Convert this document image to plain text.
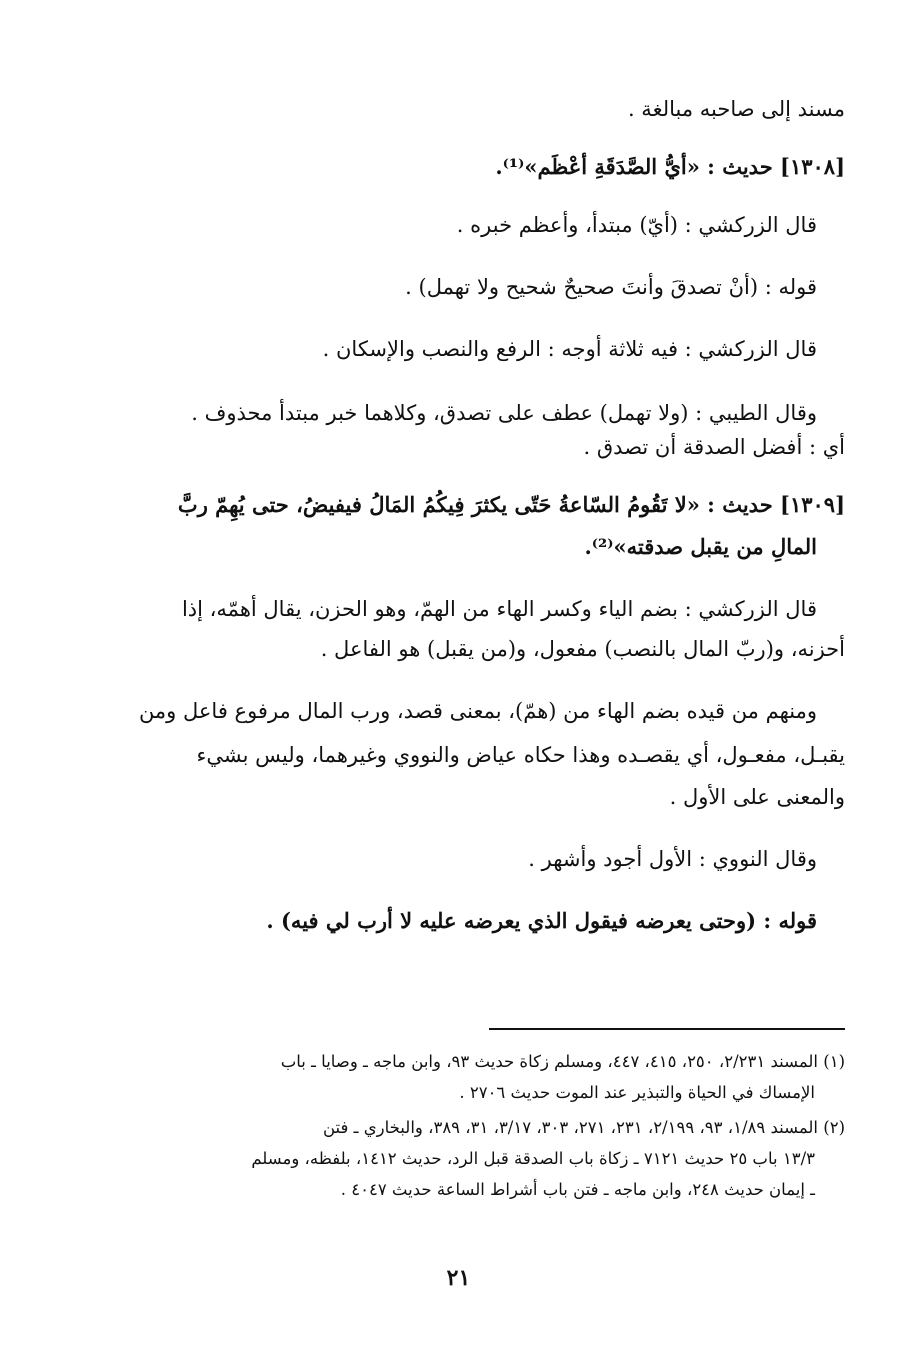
مسند إلى صاحبه مبالغة .

[١٣٠٨] حديث : «أيُّ الصَّدَقَةِ أعْظَم»⁽¹⁾.

قال الزركشي : (أيّ) مبتدأ، وأعظم خبره .

قوله : (أنْ تصدقَ وأنتَ صحيحٌ شحيح ولا تهمل) .

قال الزركشي : فيه ثلاثة أوجه : الرفع والنصب والإسكان .

وقال الطيبي : (ولا تهمل) عطف على تصدق، وكلاهما خبر مبتدأ محذوف .

أي : أفضل الصدقة أن تصدق .

[١٣٠٩] حديث : «لا تَقُومُ السّاعةُ حَتّى يكثرَ فِيكُمُ المَالُ فيفيضُ، حتى يُهِمّ ربَّ

المالِ من يقبل صدقته»⁽²⁾.

قال الزركشي : بضم الياء وكسر الهاء من الهمّ، وهو الحزن، يقال أهمّه، إذا

أحزنه، و(ربّ المال بالنصب) مفعول، و(من يقبل) هو الفاعل .

ومنهم من قيده بضم الهاء من (همّ)، بمعنى قصد، ورب المال مرفوع فاعل ومن

يقبـل، مفعـول، أي يقصـده وهذا حكاه عياض والنووي وغيرهما، وليس بشيء

والمعنى على الأول .

وقال النووي : الأول أجود وأشهر .

قوله : (وحتى يعرضه فيقول الذي يعرضه عليه لا أرب لي فيه) .

(١) المسند ٢/٢٣١، ٢٥٠، ٤١٥، ٤٤٧، ومسلم زكاة حديث ٩٣، وابن ماجه ـ وصايا ـ باب

الإمساك في الحياة والتبذير عند الموت حديث ٢٧٠٦ .

(٢) المسند ١/٨٩، ٩٣، ٢/١٩٩، ٢٣١، ٢٧١، ٣٠٣، ٣/١٧، ٣١، ٣٨٩، والبخاري ـ فتن

١٣/٣ باب ٢٥ حديث ٧١٢١ ـ زكاة باب الصدقة قبل الرد، حديث ١٤١٢، بلفظه، ومسلم

ـ إيمان حديث ٢٤٨، وابن ماجه ـ فتن باب أشراط الساعة حديث ٤٠٤٧ .

٢١
